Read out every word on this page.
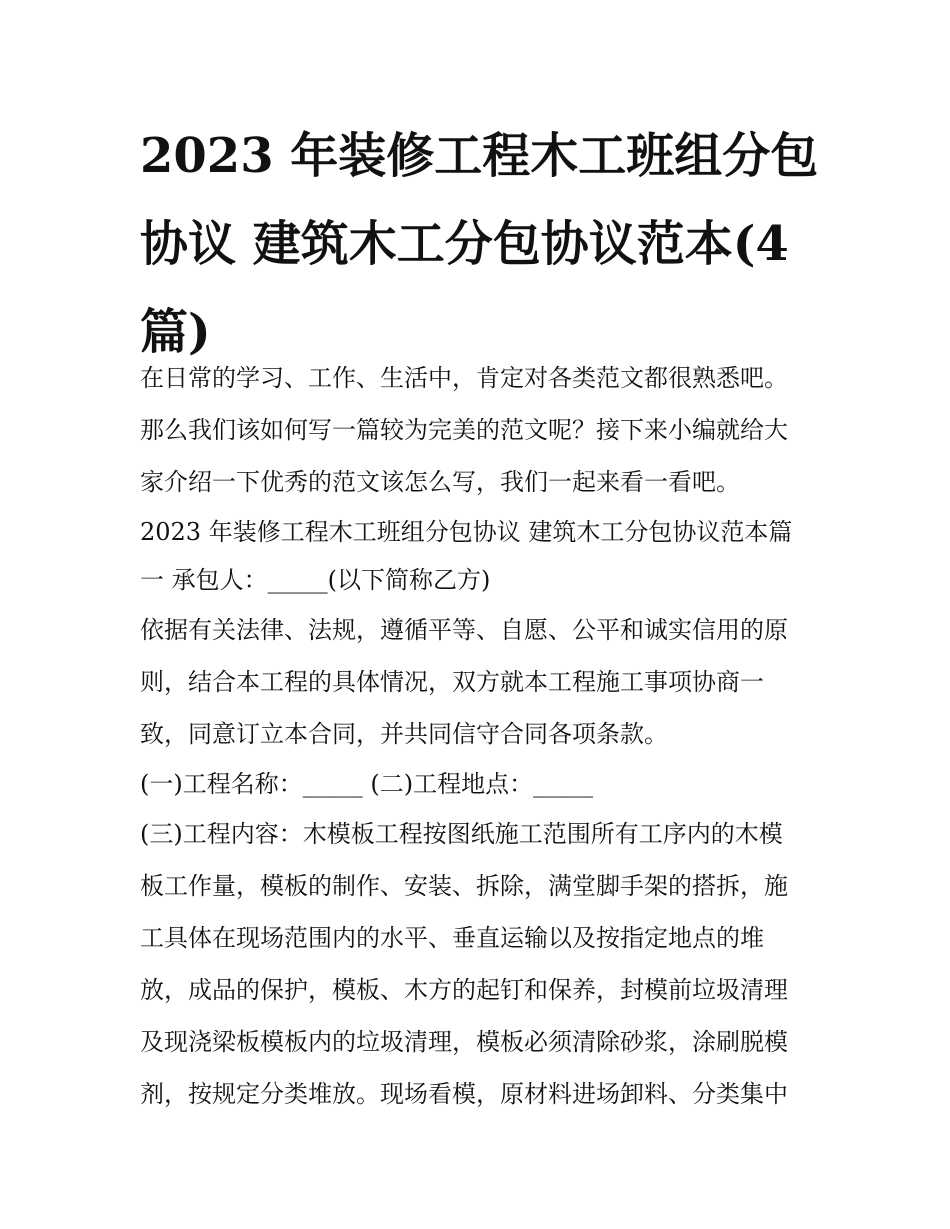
2023 年装修工程木工班组分包
协议 建筑木工分包协议范本(4
篇)
在日常的学习、工作、生活中，肯定对各类范文都很熟悉吧。
那么我们该如何写一篇较为完美的范文呢？接下来小编就给大
家介绍一下优秀的范文该怎么写，我们一起来看一看吧。
2023 年装修工程木工班组分包协议 建筑木工分包协议范本篇
一 承包人：_____(以下简称乙方)
依据有关法律、法规，遵循平等、自愿、公平和诚实信用的原
则，结合本工程的具体情况，双方就本工程施工事项协商一
致，同意订立本合同，并共同信守合同各项条款。
(一)工程名称：_____ (二)工程地点：_____
(三)工程内容：木模板工程按图纸施工范围所有工序内的木模
板工作量，模板的制作、安装、拆除，满堂脚手架的搭拆，施
工具体在现场范围内的水平、垂直运输以及按指定地点的堆
放，成品的保护，模板、木方的起钉和保养，封模前垃圾清理
及现浇梁板模板内的垃圾清理，模板必须清除砂浆，涂刷脱模
剂，按规定分类堆放。现场看模，原材料进场卸料、分类集中
